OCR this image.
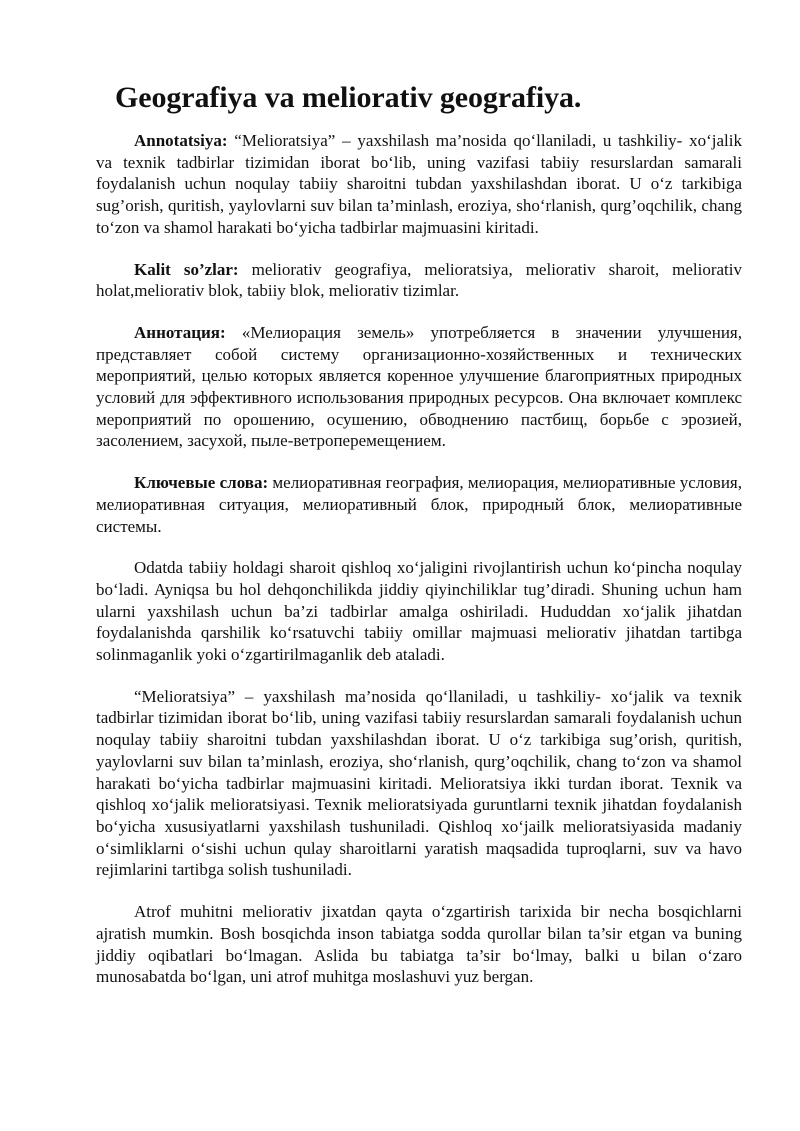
Geografiya va meliorativ geografiya.

Annotatsiya: “Melioratsiya” – yaxshilash ma’nosida qo‘llaniladi, u tashkiliy- xo‘jalik va texnik tadbirlar tizimidan iborat bo‘lib, uning vazifasi tabiiy resurslardan samarali foydalanish uchun noqulay tabiiy sharoitni tubdan yaxshilashdan iborat. U o‘z tarkibiga sug’orish, quritish, yaylovlarni suv bilan ta’minlash, eroziya, sho‘rlanish, qurg’oqchilik, chang to‘zon va shamol harakati bo‘yicha tadbirlar majmuasini kiritadi.

Kalit so’zlar: meliorativ geografiya, melioratsiya, meliorativ sharoit, meliorativ holat,meliorativ blok, tabiiy blok, meliorativ tizimlar.

Аннотация: «Мелиорация земель» употребляется в значении улучшения, представляет собой систему организационно-хозяйственных и технических мероприятий, целью которых является коренное улучшение благоприятных природных условий для эффективного использования природных ресурсов. Она включает комплекс мероприятий по орошению, осушению, обводнению пастбищ, борьбе с эрозией, засолением, засухой, пыле-ветроперемещением.

Ключевые слова: мелиоративная география, мелиорация, мелиоративные условия, мелиоративная ситуация, мелиоративный блок, природный блок, мелиоративные системы.

Odatda tabiiy holdagi sharoit qishloq xo‘jaligini rivojlantirish uchun ko‘pincha noqulay bo‘ladi. Ayniqsa bu hol dehqonchilikda jiddiy qiyinchiliklar tug’diradi. Shuning uchun ham ularni yaxshilash uchun ba’zi tadbirlar amalga oshiriladi. Hududdan xo‘jalik jihatdan foydalanishda qarshilik ko‘rsatuvchi tabiiy omillar majmuasi meliorativ jihatdan tartibga solinmaganlik yoki o‘zgartirilmaganlik deb ataladi.

“Melioratsiya” – yaxshilash ma’nosida qo‘llaniladi, u tashkiliy- xo‘jalik va texnik tadbirlar tizimidan iborat bo‘lib, uning vazifasi tabiiy resurslardan samarali foydalanish uchun noqulay tabiiy sharoitni tubdan yaxshilashdan iborat. U o‘z tarkibiga sug’orish, quritish, yaylovlarni suv bilan ta’minlash, eroziya, sho‘rlanish, qurg’oqchilik, chang to‘zon va shamol harakati bo‘yicha tadbirlar majmuasini kiritadi. Melioratsiya ikki turdan iborat. Texnik va qishloq xo‘jalik melioratsiyasi. Texnik melioratsiyada guruntlarni texnik jihatdan foydalanish bo‘yicha xususiyatlarni yaxshilash tushuniladi. Qishloq xo‘jailk melioratsiyasida madaniy o‘simliklarni o‘sishi uchun qulay sharoitlarni yaratish maqsadida tuproqlarni, suv va havo rejimlarini tartibga solish tushuniladi.

Atrof muhitni meliorativ jixatdan qayta o‘zgartirish tarixida bir necha bosqichlarni ajratish mumkin. Bosh bosqichda inson tabiatga sodda qurollar bilan ta’sir etgan va buning jiddiy oqibatlari bo‘lmagan. Aslida bu tabiatga ta’sir bo‘lmay, balki u bilan o‘zaro munosabatda bo‘lgan, uni atrof muhitga moslashuvi yuz bergan.
